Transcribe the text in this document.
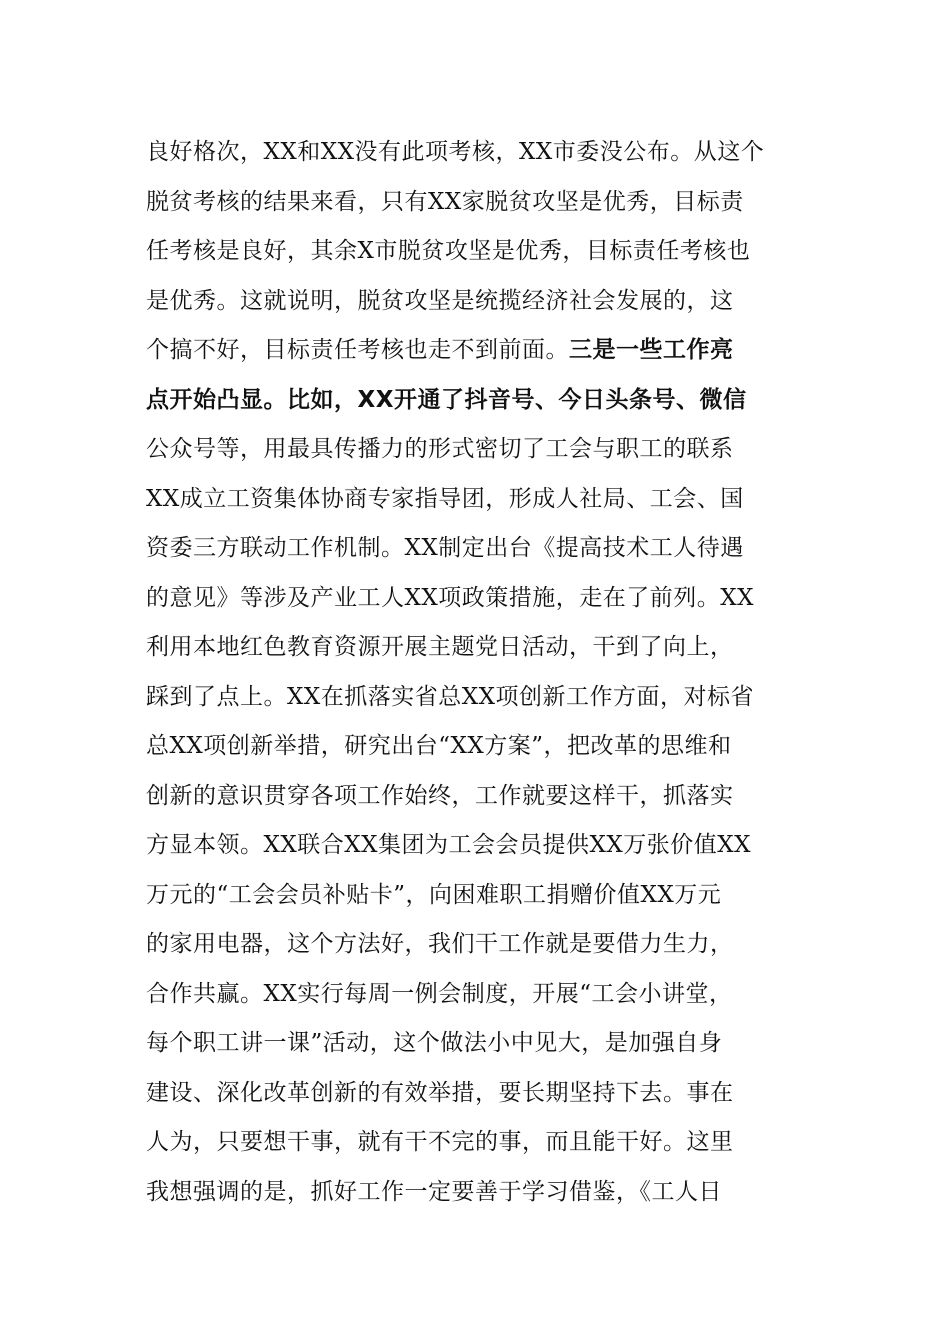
良好格次，XX和XX没有此项考核，XX市委没公布。从这个
脱贫考核的结果来看，只有XX家脱贫攻坚是优秀，目标责
任考核是良好，其余X市脱贫攻坚是优秀，目标责任考核也
是优秀。这就说明，脱贫攻坚是统揽经济社会发展的，这
个搞不好，目标责任考核也走不到前面。三是一些工作亮
点开始凸显。比如，XX开通了抖音号、今日头条号、微信
公众号等，用最具传播力的形式密切了工会与职工的联系
XX成立工资集体协商专家指导团，形成人社局、工会、国
资委三方联动工作机制。XX制定出台《提高技术工人待遇
的意见》等涉及产业工人XX项政策措施，走在了前列。XX
利用本地红色教育资源开展主题党日活动，干到了向上，
踩到了点上。XX在抓落实省总XX项创新工作方面，对标省
总XX项创新举措，研究出台“XX方案”，把改革的思维和
创新的意识贯穿各项工作始终，工作就要这样干，抓落实
方显本领。XX联合XX集团为工会会员提供XX万张价值XX
万元的“工会会员补贴卡”，向困难职工捐赠价值XX万元
的家用电器，这个方法好，我们干工作就是要借力生力，
合作共赢。XX实行每周一例会制度，开展“工会小讲堂，
每个职工讲一课”活动，这个做法小中见大，是加强自身
建设、深化改革创新的有效举措，要长期坚持下去。事在
人为，只要想干事，就有干不完的事，而且能干好。这里
我想强调的是，抓好工作一定要善于学习借鉴，《工人日
